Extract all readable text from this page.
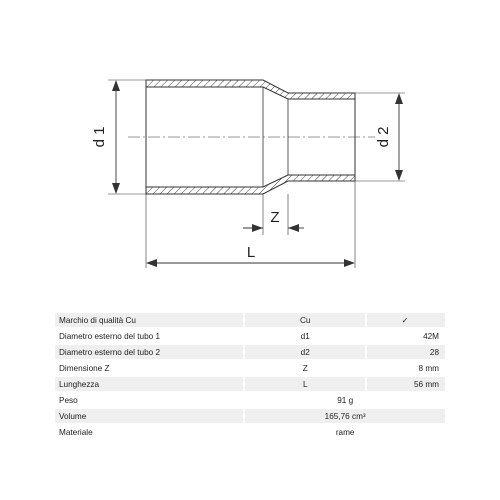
d 1	d 2
Z
L
Marchio di qualità Cu	Cu	✓
Diametro esterno del tubo 1	d1	42M
Diametro esterno del tubo 2	d2	28
Dimensione Z	Z	8 mm
Lunghezza	L	56 mm
Peso	91 g	
Volume	165,76 cm³	
Materiale	rame	
